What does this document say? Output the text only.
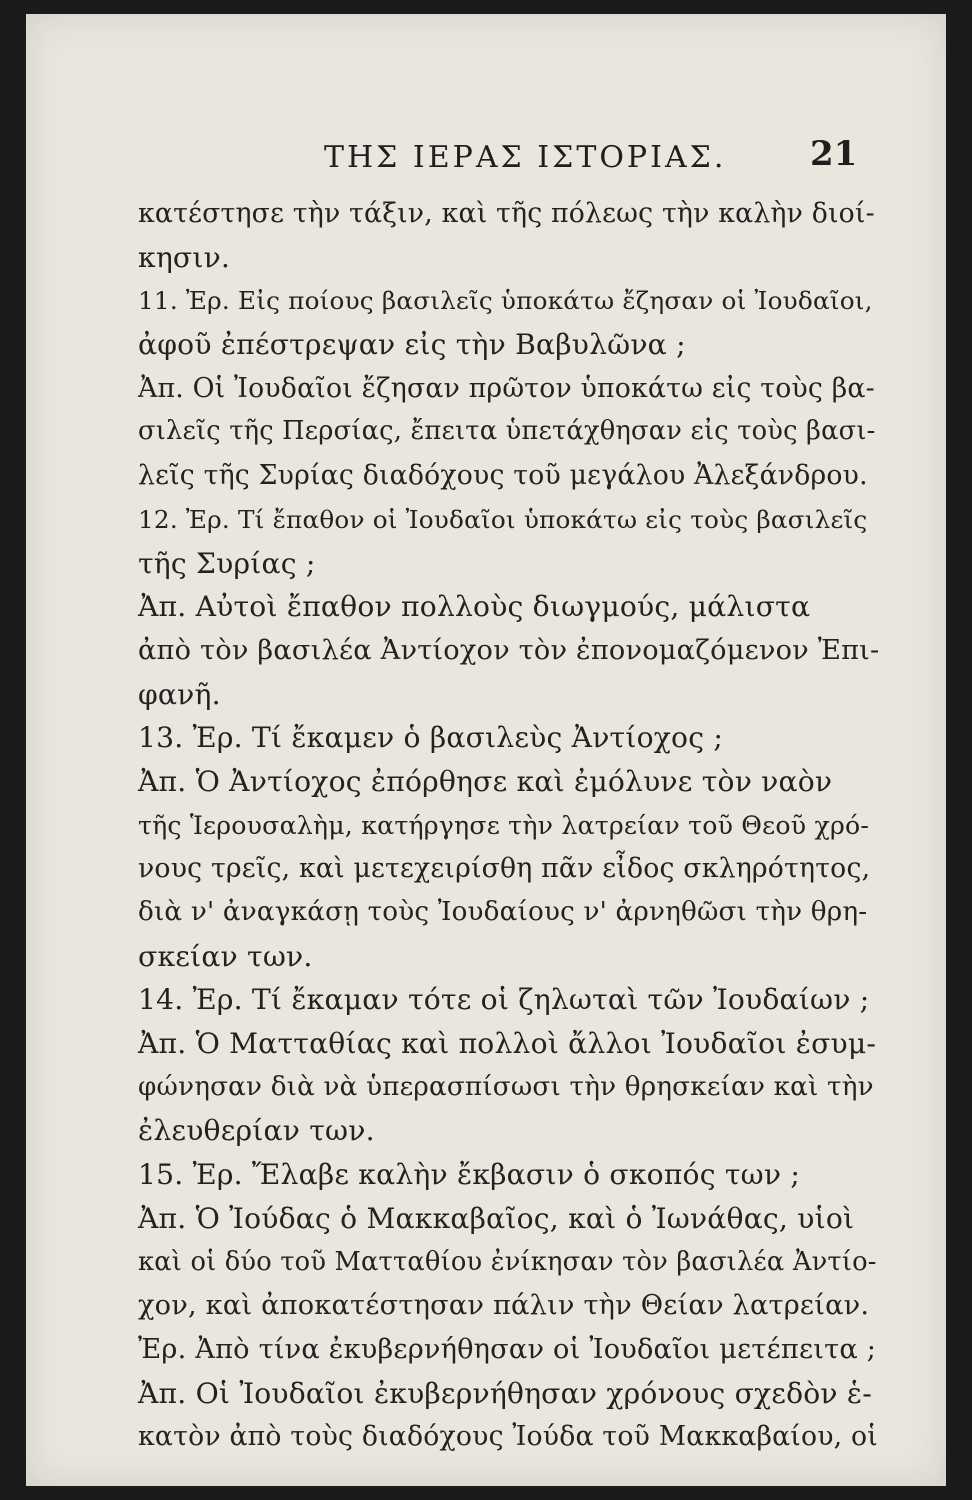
ΤΗΣ ΙΕΡΑΣ ΙΣΤΟΡΙΑΣ. 21
κατέστησε τὴν τάξιν, καὶ τῆς πόλεως τὴν καλὴν διοί-
κησιν.
11. Ἐρ. Εἰς ποίους βασιλεῖς ὑποκάτω ἔζησαν οἱ Ἰουδαῖοι,
ἀφοῦ ἐπέστρεψαν εἰς τὴν Βαβυλῶνα ;
Ἀπ. Οἱ Ἰουδαῖοι ἔζησαν πρῶτον ὑποκάτω εἰς τοὺς βα-
σιλεῖς τῆς Περσίας, ἔπειτα ὑπετάχθησαν εἰς τοὺς βασι-
λεῖς τῆς Συρίας διαδόχους τοῦ μεγάλου Ἀλεξάνδρου.
12. Ἐρ. Τί ἔπαθον οἱ Ἰουδαῖοι ὑποκάτω εἰς τοὺς βασιλεῖς
τῆς Συρίας ;
Ἀπ. Αὐτοὶ ἔπαθον πολλοὺς διωγμούς, μάλιστα
ἀπὸ τὸν βασιλέα Ἀντίοχον τὸν ἐπονομαζόμενον Ἐπι-
φανῆ.
13. Ἐρ. Τί ἔκαμεν ὁ βασιλεὺς Ἀντίοχος ;
Ἀπ. Ὁ Ἀντίοχος ἐπόρθησε καὶ ἐμόλυνε τὸν ναὸν
τῆς Ἱερουσαλὴμ, κατήργησε τὴν λατρείαν τοῦ Θεοῦ χρό-
νους τρεῖς, καὶ μετεχειρίσθη πᾶν εἶδος σκληρότητος,
διὰ ν' ἀναγκάσῃ τοὺς Ἰουδαίους ν' ἀρνηθῶσι τὴν θρη-
σκείαν των.
14. Ἐρ. Τί ἔκαμαν τότε οἱ ζηλωταὶ τῶν Ἰουδαίων ;
Ἀπ. Ὁ Ματταθίας καὶ πολλοὶ ἄλλοι Ἰουδαῖοι ἐσυμ-
φώνησαν διὰ νὰ ὑπερασπίσωσι τὴν θρησκείαν καὶ τὴν
ἐλευθερίαν των.
15. Ἐρ. Ἔλαβε καλὴν ἔκβασιν ὁ σκοπός των ;
Ἀπ. Ὁ Ἰούδας ὁ Μακκαβαῖος, καὶ ὁ Ἰωνάθας, υἱοὶ
καὶ οἱ δύο τοῦ Ματταθίου ἐνίκησαν τὸν βασιλέα Ἀντίο-
χον, καὶ ἀποκατέστησαν πάλιν τὴν Θείαν λατρείαν.
Ἐρ. Ἀπὸ τίνα ἐκυβερνήθησαν οἱ Ἰουδαῖοι μετέπειτα ;
Ἀπ. Οἱ Ἰουδαῖοι ἐκυβερνήθησαν χρόνους σχεδὸν ἑ-
κατὸν ἀπὸ τοὺς διαδόχους Ἰούδα τοῦ Μακκαβαίου, οἱ
